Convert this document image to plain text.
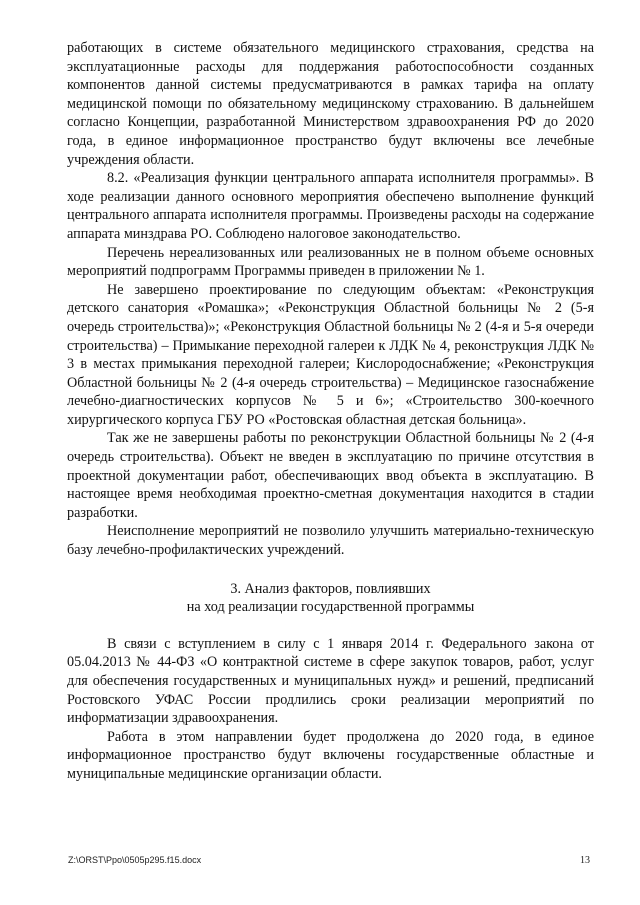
работающих в системе обязательного медицинского страхования, средства на эксплуатационные расходы для поддержания работоспособности созданных компонентов данной системы предусматриваются в рамках тарифа на оплату медицинской помощи по обязательному медицинскому страхованию. В дальнейшем согласно Концепции, разработанной Министерством здравоохранения РФ до 2020 года, в единое информационное пространство будут включены все лечебные учреждения области.

8.2. «Реализация функции центрального аппарата исполнителя программы». В ходе реализации данного основного мероприятия обеспечено выполнение функций центрального аппарата исполнителя программы. Произведены расходы на содержание аппарата минздрава РО. Соблюдено налоговое законодательство.

Перечень нереализованных или реализованных не в полном объеме основных мероприятий подпрограмм Программы приведен в приложении № 1.

Не завершено проектирование по следующим объектам: «Реконструкция детского санатория «Ромашка»; «Реконструкция Областной больницы № 2 (5-я очередь строительства)»; «Реконструкция Областной больницы № 2 (4-я и 5-я очереди строительства) – Примыкание переходной галереи к ЛДК № 4, реконструкция ЛДК № 3 в местах примыкания переходной галереи; Кислородоснабжение; «Реконструкция Областной больницы № 2 (4-я очередь строительства) – Медицинское газоснабжение лечебно-диагностических корпусов № 5 и 6»; «Строительство 300-коечного хирургического корпуса ГБУ РО «Ростовская областная детская больница».

Так же не завершены работы по реконструкции Областной больницы № 2 (4-я очередь строительства). Объект не введен в эксплуатацию по причине отсутствия в проектной документации работ, обеспечивающих ввод объекта в эксплуатацию. В настоящее время необходимая проектно-сметная документация находится в стадии разработки.

Неисполнение мероприятий не позволило улучшить материально-техническую базу лечебно-профилактических учреждений.

3. Анализ факторов, повлиявших

на ход реализации государственной программы

В связи с вступлением в силу с 1 января 2014 г. Федерального закона от 05.04.2013 № 44-ФЗ «О контрактной системе в сфере закупок товаров, работ, услуг для обеспечения государственных и муниципальных нужд» и решений, предписаний Ростовского УФАС России продлились сроки реализации мероприятий по информатизации здравоохранения.

Работа в этом направлении будет продолжена до 2020 года, в единое информационное пространство будут включены государственные областные и муниципальные медицинские организации области.

Z:\ORST\Ppo\0505p295.f15.docx	13
